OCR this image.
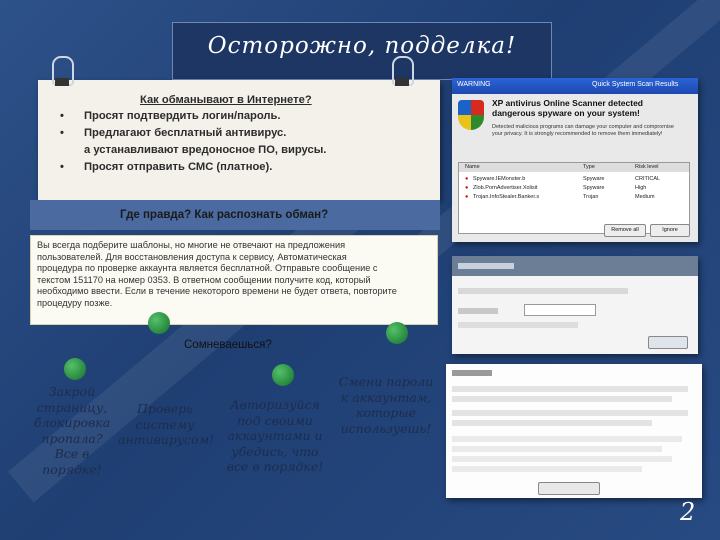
Осторожно, подделка!
Как обманывают в Интернете?
• Просят подтвердить логин/пароль.
• Предлагают бесплатный антивирус.
а устанавливают вредоносное ПО, вирусы.
• Просят отправить СМС (платное).
Где правда? Как распознать обман?
Вы всегда подберите шаблоны, но многие не отвечают на предложения
пользователей. Для восстановления доступа к сервису, Автоматическая
процедура по проверке аккаунта является бесплатной. Отправьте сообщение с
текстом 151170 на номер 0353. В ответном сообщении получите код, который
необходимо ввести. Если в течение некоторого времени не будет ответа, повторите
процедуру позже.
Сомневаешься?
Закрой страницу, блокировка пропала? Все в порядке!
Проверь систему антивирусом!
Авторизуйся под своими аккаунтами и убедись, что все в порядке!
Смени пароли к аккаунтам, которые используешь!
WARNING	Quick System Scan Results
XP antivirus Online Scanner detected
dangerous spyware on your system!
Detected malicious programs can damage your computer and compromise
your privacy. It is strongly recommended to remove them immediately!
Name	Type	Risk level
● Spyware.IEMonster.b	Spyware	CRITICAL
● Zlob.PornAdvertiser.Xolisit	Spyware	High
● Trojan.InfoStealer.Banker.s	Trojan	Medium
Remove all	Ignore
2
